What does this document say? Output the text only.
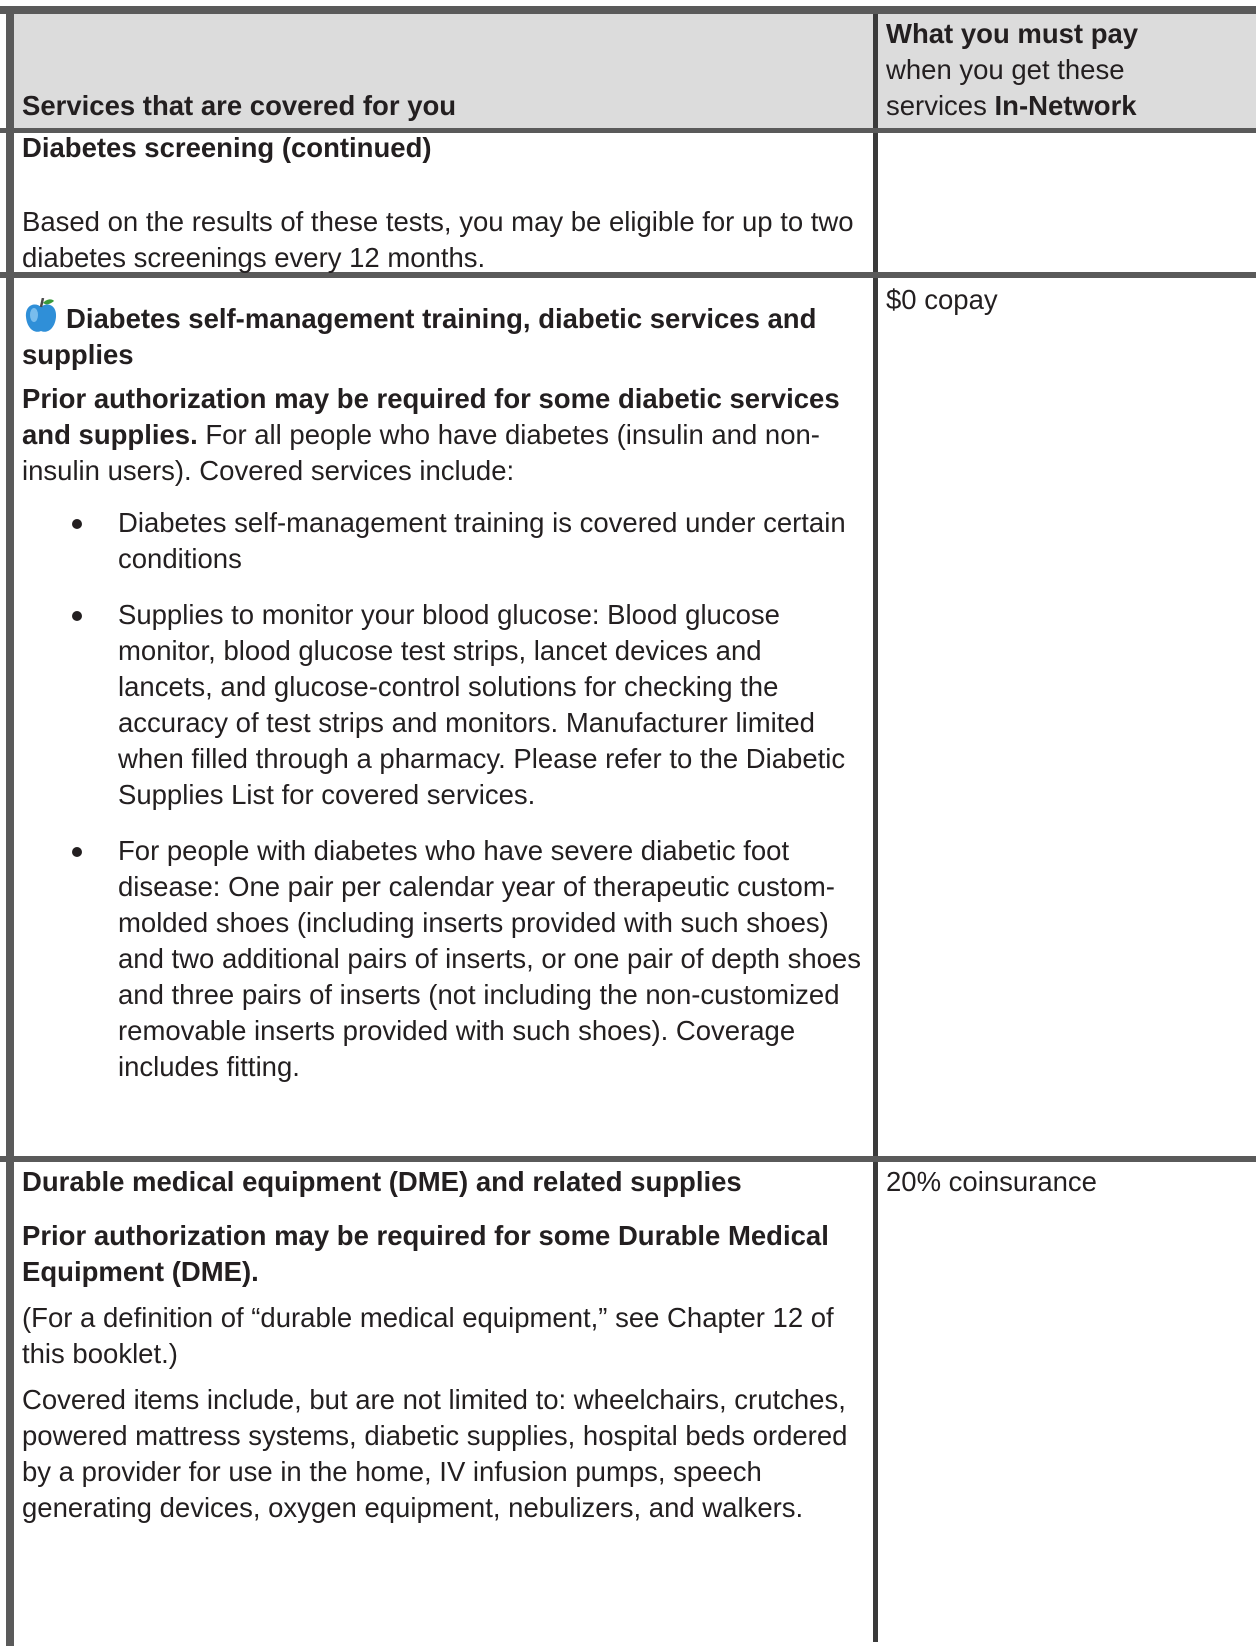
Services that are covered for you

What you must pay

when you get these

services In-Network

Diabetes screening (continued)

Based on the results of these tests, you may be eligible for up to two diabetes screenings every 12 months.

Diabetes self-management training, diabetic services and supplies

Prior authorization may be required for some diabetic services and supplies. For all people who have diabetes (insulin and non-insulin users). Covered services include:

Diabetes self-management training is covered under certain conditions
Supplies to monitor your blood glucose: Blood glucose monitor, blood glucose test strips, lancet devices and lancets, and glucose-control solutions for checking the accuracy of test strips and monitors. Manufacturer limited when filled through a pharmacy. Please refer to the Diabetic Supplies List for covered services.
For people with diabetes who have severe diabetic foot disease: One pair per calendar year of therapeutic custom-molded shoes (including inserts provided with such shoes) and two additional pairs of inserts, or one pair of depth shoes and three pairs of inserts (not including the non-customized removable inserts provided with such shoes). Coverage includes fitting.
$0 copay

Durable medical equipment (DME) and related supplies

Prior authorization may be required for some Durable Medical Equipment (DME).

(For a definition of “durable medical equipment,” see Chapter 12 of this booklet.)

Covered items include, but are not limited to: wheelchairs, crutches, powered mattress systems, diabetic supplies, hospital beds ordered by a provider for use in the home, IV infusion pumps, speech generating devices, oxygen equipment, nebulizers, and walkers.

20% coinsurance
